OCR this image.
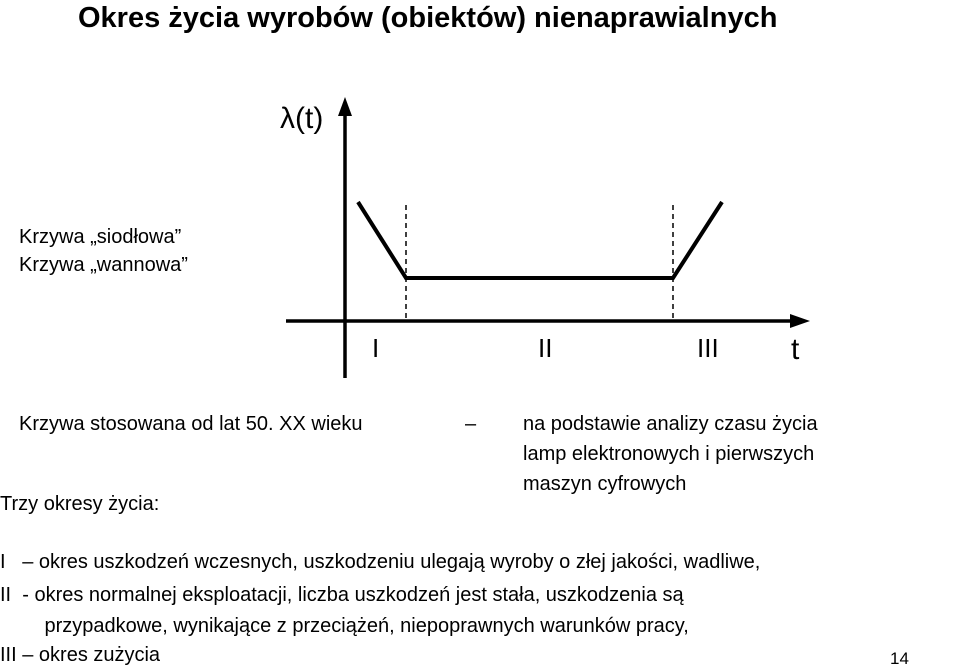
Okres życia wyrobów (obiektów) nienaprawialnych
λ(t)
t
I	II	III
Krzywa „siodłowa”
Krzywa „wannowa”
Krzywa stosowana od lat 50. XX wieku	– na podstawie analizy czasu życia
lamp elektronowych i pierwszych
maszyn cyfrowych
Trzy okresy życia:
I   – okres uszkodzeń wczesnych, uszkodzeniu ulegają wyroby o złej jakości, wadliwe,
II  - okres normalnej eksploatacji, liczba uszkodzeń jest stała, uszkodzenia są
przypadkowe, wynikające z przeciążeń, niepoprawnych warunków pracy,
III – okres zużycia	14
